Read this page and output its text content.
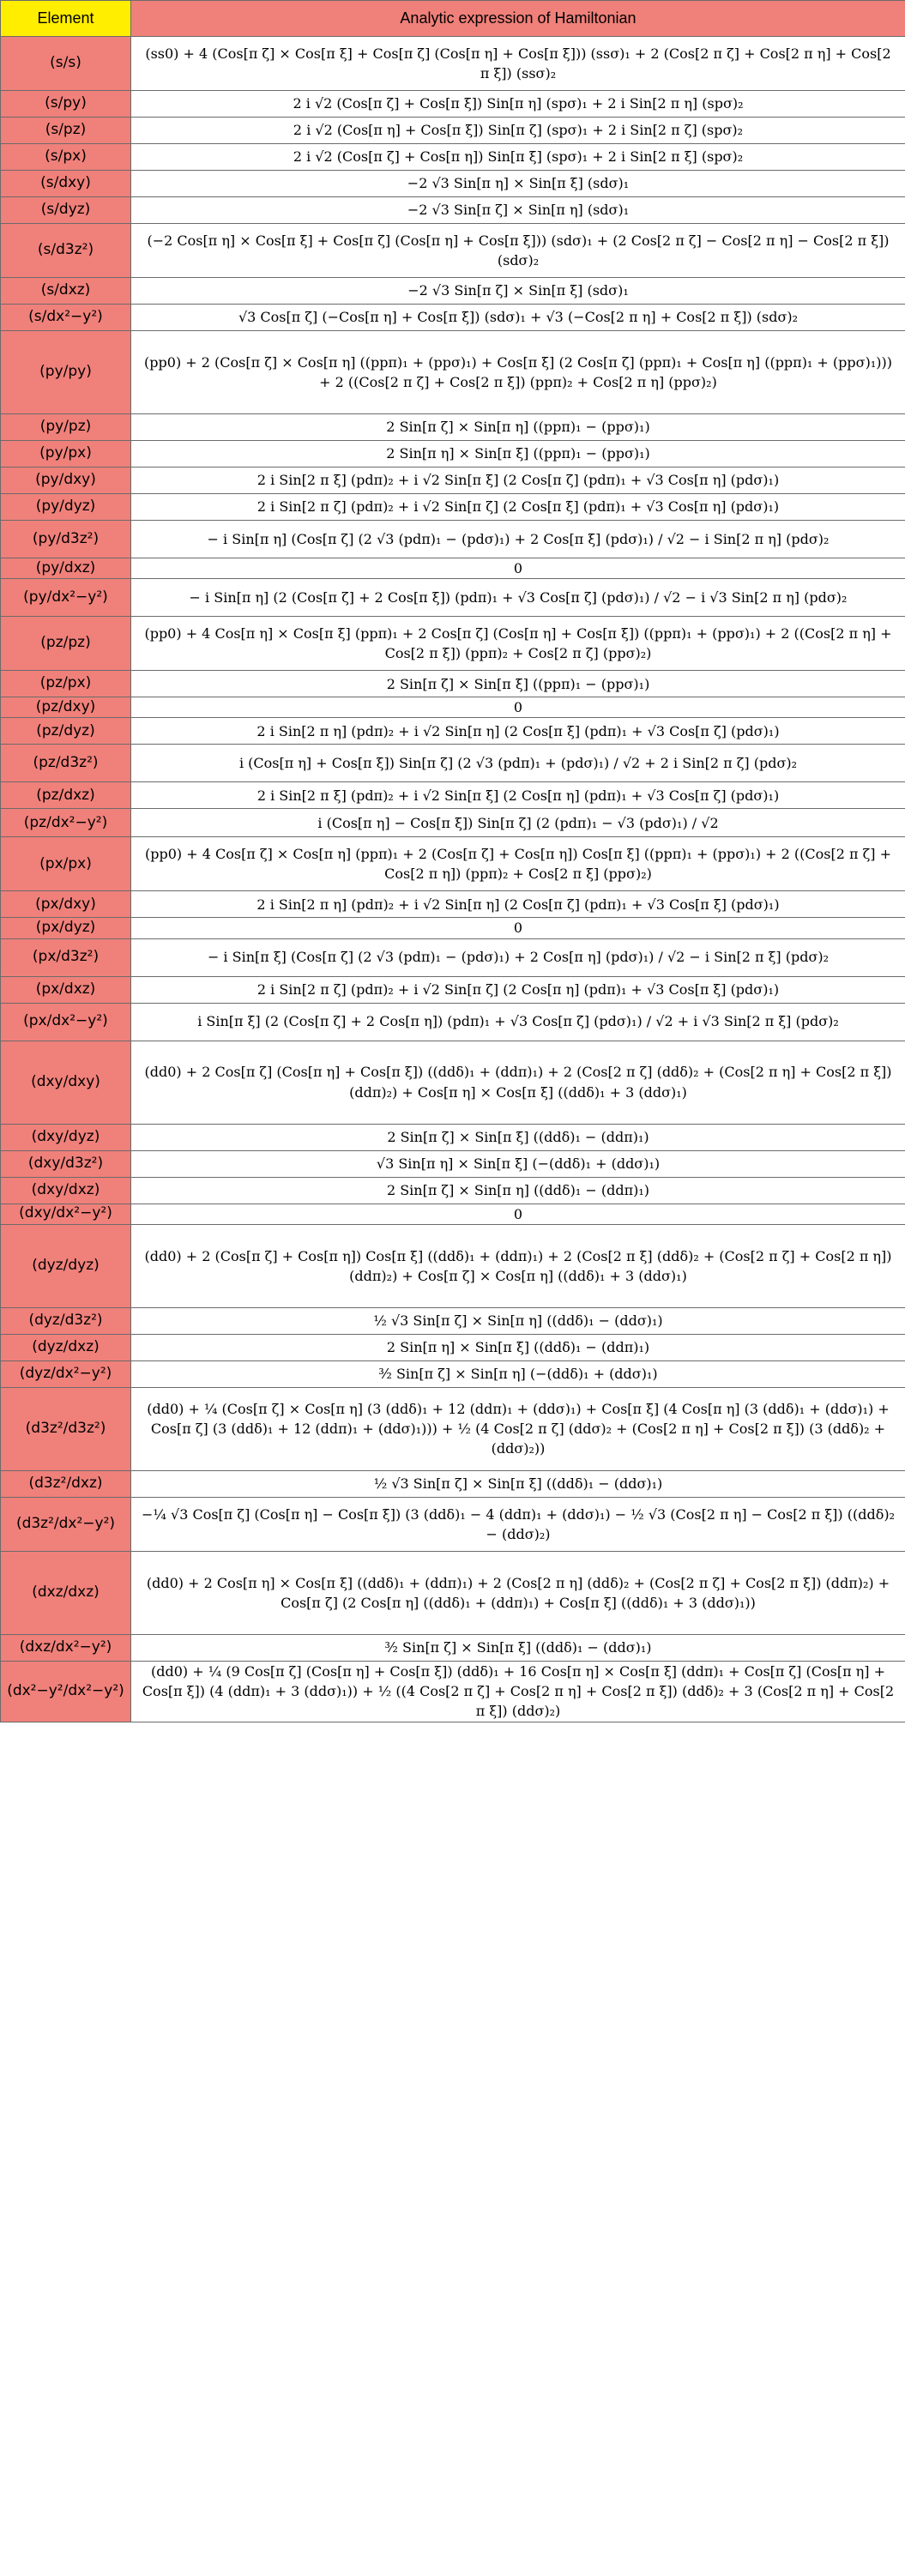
Element	Analytic expression of Hamiltonian
(s/s)	(ss0) + 4 (Cos[π ζ] × Cos[π ξ] + Cos[π ζ] (Cos[π η] + Cos[π ξ])) (ssσ)₁ + 2 (Cos[2 π ζ] + Cos[2 π η] + Cos[2 π ξ]) (ssσ)₂
(s/py)	2 i √2 (Cos[π ζ] + Cos[π ξ]) Sin[π η] (spσ)₁ + 2 i Sin[2 π η] (spσ)₂
(s/pz)	2 i √2 (Cos[π η] + Cos[π ξ]) Sin[π ζ] (spσ)₁ + 2 i Sin[2 π ζ] (spσ)₂
(s/px)	2 i √2 (Cos[π ζ] + Cos[π η]) Sin[π ξ] (spσ)₁ + 2 i Sin[2 π ξ] (spσ)₂
(s/dxy)	−2 √3 Sin[π η] × Sin[π ξ] (sdσ)₁
(s/dyz)	−2 √3 Sin[π ζ] × Sin[π η] (sdσ)₁
(s/d3z²)	(−2 Cos[π η] × Cos[π ξ] + Cos[π ζ] (Cos[π η] + Cos[π ξ])) (sdσ)₁ + (2 Cos[2 π ζ] − Cos[2 π η] − Cos[2 π ξ]) (sdσ)₂
(s/dxz)	−2 √3 Sin[π ζ] × Sin[π ξ] (sdσ)₁
(s/dx²−y²)	√3 Cos[π ζ] (−Cos[π η] + Cos[π ξ]) (sdσ)₁ + √3 (−Cos[2 π η] + Cos[2 π ξ]) (sdσ)₂
(py/py)	(pp0) + 2 (Cos[π ζ] × Cos[π η] ((ppπ)₁ + (ppσ)₁) + Cos[π ξ] (2 Cos[π ζ] (ppπ)₁ + Cos[π η] ((ppπ)₁ + (ppσ)₁))) + 2 ((Cos[2 π ζ] + Cos[2 π ξ]) (ppπ)₂ + Cos[2 π η] (ppσ)₂)
(py/pz)	2 Sin[π ζ] × Sin[π η] ((ppπ)₁ − (ppσ)₁)
(py/px)	2 Sin[π η] × Sin[π ξ] ((ppπ)₁ − (ppσ)₁)
(py/dxy)	2 i Sin[2 π ξ] (pdπ)₂ + i √2 Sin[π ξ] (2 Cos[π ζ] (pdπ)₁ + √3 Cos[π η] (pdσ)₁)
(py/dyz)	2 i Sin[2 π ζ] (pdπ)₂ + i √2 Sin[π ζ] (2 Cos[π ξ] (pdπ)₁ + √3 Cos[π η] (pdσ)₁)
(py/d3z²)	− i Sin[π η] (Cos[π ζ] (2 √3 (pdπ)₁ − (pdσ)₁) + 2 Cos[π ξ] (pdσ)₁) / √2 − i Sin[2 π η] (pdσ)₂
(py/dxz)	0
(py/dx²−y²)	− i Sin[π η] (2 (Cos[π ζ] + 2 Cos[π ξ]) (pdπ)₁ + √3 Cos[π ζ] (pdσ)₁) / √2 − i √3 Sin[2 π η] (pdσ)₂
(pz/pz)	(pp0) + 4 Cos[π η] × Cos[π ξ] (ppπ)₁ + 2 Cos[π ζ] (Cos[π η] + Cos[π ξ]) ((ppπ)₁ + (ppσ)₁) + 2 ((Cos[2 π η] + Cos[2 π ξ]) (ppπ)₂ + Cos[2 π ζ] (ppσ)₂)
(pz/px)	2 Sin[π ζ] × Sin[π ξ] ((ppπ)₁ − (ppσ)₁)
(pz/dxy)	0
(pz/dyz)	2 i Sin[2 π η] (pdπ)₂ + i √2 Sin[π η] (2 Cos[π ξ] (pdπ)₁ + √3 Cos[π ζ] (pdσ)₁)
(pz/d3z²)	i (Cos[π η] + Cos[π ξ]) Sin[π ζ] (2 √3 (pdπ)₁ + (pdσ)₁) / √2 + 2 i Sin[2 π ζ] (pdσ)₂
(pz/dxz)	2 i Sin[2 π ξ] (pdπ)₂ + i √2 Sin[π ξ] (2 Cos[π η] (pdπ)₁ + √3 Cos[π ζ] (pdσ)₁)
(pz/dx²−y²)	i (Cos[π η] − Cos[π ξ]) Sin[π ζ] (2 (pdπ)₁ − √3 (pdσ)₁) / √2
(px/px)	(pp0) + 4 Cos[π ζ] × Cos[π η] (ppπ)₁ + 2 (Cos[π ζ] + Cos[π η]) Cos[π ξ] ((ppπ)₁ + (ppσ)₁) + 2 ((Cos[2 π ζ] + Cos[2 π η]) (ppπ)₂ + Cos[2 π ξ] (ppσ)₂)
(px/dxy)	2 i Sin[2 π η] (pdπ)₂ + i √2 Sin[π η] (2 Cos[π ζ] (pdπ)₁ + √3 Cos[π ξ] (pdσ)₁)
(px/dyz)	0
(px/d3z²)	− i Sin[π ξ] (Cos[π ζ] (2 √3 (pdπ)₁ − (pdσ)₁) + 2 Cos[π η] (pdσ)₁) / √2 − i Sin[2 π ξ] (pdσ)₂
(px/dxz)	2 i Sin[2 π ζ] (pdπ)₂ + i √2 Sin[π ζ] (2 Cos[π η] (pdπ)₁ + √3 Cos[π ξ] (pdσ)₁)
(px/dx²−y²)	i Sin[π ξ] (2 (Cos[π ζ] + 2 Cos[π η]) (pdπ)₁ + √3 Cos[π ζ] (pdσ)₁) / √2 + i √3 Sin[2 π ξ] (pdσ)₂
(dxy/dxy)	(dd0) + 2 Cos[π ζ] (Cos[π η] + Cos[π ξ]) ((ddδ)₁ + (ddπ)₁) + 2 (Cos[2 π ζ] (ddδ)₂ + (Cos[2 π η] + Cos[2 π ξ]) (ddπ)₂) + Cos[π η] × Cos[π ξ] ((ddδ)₁ + 3 (ddσ)₁)
(dxy/dyz)	2 Sin[π ζ] × Sin[π ξ] ((ddδ)₁ − (ddπ)₁)
(dxy/d3z²)	√3 Sin[π η] × Sin[π ξ] (−(ddδ)₁ + (ddσ)₁)
(dxy/dxz)	2 Sin[π ζ] × Sin[π η] ((ddδ)₁ − (ddπ)₁)
(dxy/dx²−y²)	0
(dyz/dyz)	(dd0) + 2 (Cos[π ζ] + Cos[π η]) Cos[π ξ] ((ddδ)₁ + (ddπ)₁) + 2 (Cos[2 π ξ] (ddδ)₂ + (Cos[2 π ζ] + Cos[2 π η]) (ddπ)₂) + Cos[π ζ] × Cos[π η] ((ddδ)₁ + 3 (ddσ)₁)
(dyz/d3z²)	½ √3 Sin[π ζ] × Sin[π η] ((ddδ)₁ − (ddσ)₁)
(dyz/dxz)	2 Sin[π η] × Sin[π ξ] ((ddδ)₁ − (ddπ)₁)
(dyz/dx²−y²)	³⁄₂ Sin[π ζ] × Sin[π η] (−(ddδ)₁ + (ddσ)₁)
(d3z²/d3z²)	(dd0) + ¼ (Cos[π ζ] × Cos[π η] (3 (ddδ)₁ + 12 (ddπ)₁ + (ddσ)₁) + Cos[π ξ] (4 Cos[π η] (3 (ddδ)₁ + (ddσ)₁) + Cos[π ζ] (3 (ddδ)₁ + 12 (ddπ)₁ + (ddσ)₁))) + ½ (4 Cos[2 π ζ] (ddσ)₂ + (Cos[2 π η] + Cos[2 π ξ]) (3 (ddδ)₂ + (ddσ)₂))
(d3z²/dxz)	½ √3 Sin[π ζ] × Sin[π ξ] ((ddδ)₁ − (ddσ)₁)
(d3z²/dx²−y²)	−¼ √3 Cos[π ζ] (Cos[π η] − Cos[π ξ]) (3 (ddδ)₁ − 4 (ddπ)₁ + (ddσ)₁) − ½ √3 (Cos[2 π η] − Cos[2 π ξ]) ((ddδ)₂ − (ddσ)₂)
(dxz/dxz)	(dd0) + 2 Cos[π η] × Cos[π ξ] ((ddδ)₁ + (ddπ)₁) + 2 (Cos[2 π η] (ddδ)₂ + (Cos[2 π ζ] + Cos[2 π ξ]) (ddπ)₂) + Cos[π ζ] (2 Cos[π η] ((ddδ)₁ + (ddπ)₁) + Cos[π ξ] ((ddδ)₁ + 3 (ddσ)₁))
(dxz/dx²−y²)	³⁄₂ Sin[π ζ] × Sin[π ξ] ((ddδ)₁ − (ddσ)₁)
(dx²−y²/dx²−y²)	(dd0) + ¼ (9 Cos[π ζ] (Cos[π η] + Cos[π ξ]) (ddδ)₁ + 16 Cos[π η] × Cos[π ξ] (ddπ)₁ + Cos[π ζ] (Cos[π η] + Cos[π ξ]) (4 (ddπ)₁ + 3 (ddσ)₁)) + ½ ((4 Cos[2 π ζ] + Cos[2 π η] + Cos[2 π ξ]) (ddδ)₂ + 3 (Cos[2 π η] + Cos[2 π ξ]) (ddσ)₂)
